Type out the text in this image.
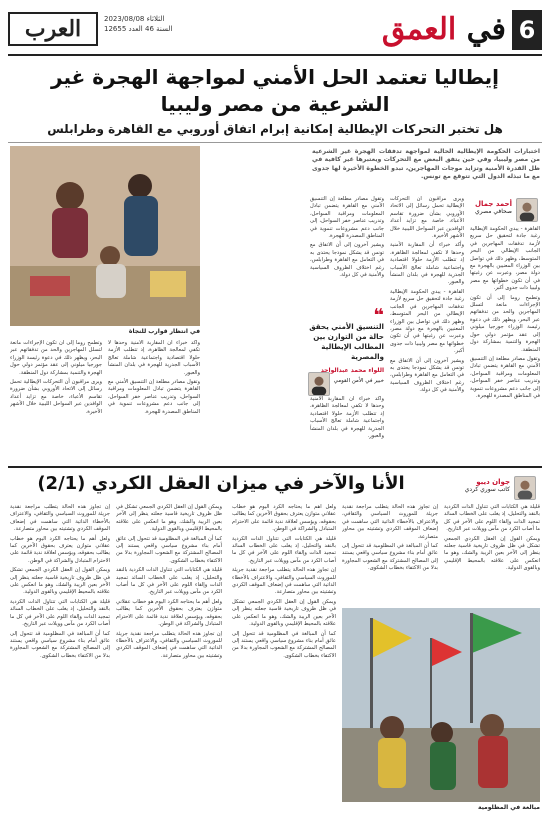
6
في العمق
العرب	الثلاثاء 2023/08/08
السنة 46 العدد 12655
إيطاليا تعتمد الحل الأمني لمواجهة الهجرة غير الشرعية من مصر وليبيا
هل تختبر التحركات الإيطالية إمكانية إبرام اتفاق أوروبي مع القاهرة وطرابلس
اختبارات الحكومة الإيطالية الحالية لمواجهة تدفقات الهجرة غير الشرعية من مصر وليبيا، وفي حين يتفق البعض مع التحركات ويعتبرها غير كافية في ظل القدرة الأمنية وتزايد موجات المهاجرين، تبدو الخطوة الأخيرة لها جدوى مع ما تبذله الدول التي تتوقع مع تونس.
أحمد جمال
صحافي مصري
في انتظار قوارب للنجاة

القاهرة - يبدي الحكومة الإيطالية رغبة جادة لتحقيق حل سريع لأزمة تدفقات المهاجرين في الجانب الإيطالي من البحر المتوسط، وظهر ذلك في تواصل بين الوزراء المعنيين بالهجرة مع دولة مصر، وعبرت عن رغبتها في أن تكون خطواتها مع مصر وليبيا ذات جدوى أكبر.

وتطمح روما إلى أن تكون الإجراءات مانعة لتسلل المهاجرين والحد من تدفقاتهم عبر البحر، ويظهر ذلك في دعوة رئيسة الوزراء جورجيا ميلوني إلى عقد مؤتمر دولي حول الهجرة والتنمية بمشاركة دول المنطقة.

وتقول مصادر مطلعة إن التنسيق الأمني مع القاهرة يتضمن تبادل المعلومات ومراقبة السواحل، وتدريب عناصر خفر السواحل، إلى جانب دعم مشروعات تنموية في المناطق المصدرة للهجرة.

ويرى مراقبون أن التحركات الإيطالية تحمل رسائل إلى الاتحاد الأوروبي بشأن ضرورة تقاسم الأعباء، خاصة مع تزايد أعداد الوافدين عبر السواحل الليبية خلال الأشهر الأخيرة.

وأكد خبراء أن المقاربة الأمنية وحدها لا تكفي لمعالجة الظاهرة، إذ تتطلب الأزمة حلولا اقتصادية واجتماعية شاملة تعالج الأسباب الجذرية للهجرة في بلدان المنشأ والعبور.

القاهرة - يبدي الحكومة الإيطالية رغبة جادة لتحقيق حل سريع لأزمة تدفقات المهاجرين في الجانب الإيطالي من البحر المتوسط، وظهر ذلك في تواصل بين الوزراء المعنيين بالهجرة مع دولة مصر، وعبرت عن رغبتها في أن تكون خطواتها مع مصر وليبيا ذات جدوى أكبر.

ويشير آخرون إلى أن الاتفاق مع تونس قد يشكل نموذجا يحتذى به في التعامل مع القاهرة وطرابلس، رغم اختلاف الظروف السياسية والأمنية في كل دولة.

وتقول مصادر مطلعة إن التنسيق الأمني مع القاهرة يتضمن تبادل المعلومات ومراقبة السواحل، وتدريب عناصر خفر السواحل، إلى جانب دعم مشروعات تنموية في المناطق المصدرة للهجرة.

ويشير آخرون إلى أن الاتفاق مع تونس قد يشكل نموذجا يحتذى به في التعامل مع القاهرة وطرابلس، رغم اختلاف الظروف السياسية والأمنية في كل دولة.

❝
التنسيق الأمني يحقق حالة من التوازن بين المطالب الإيطالية والمصرية
اللواء محمد عبدالواحد
خبير في الأمن القومي

وتطمح روما إلى أن تكون الإجراءات مانعة لتسلل المهاجرين والحد من تدفقاتهم عبر البحر، ويظهر ذلك في دعوة رئيسة الوزراء جورجيا ميلوني إلى عقد مؤتمر دولي حول الهجرة والتنمية بمشاركة دول المنطقة.

ويرى مراقبون أن التحركات الإيطالية تحمل رسائل إلى الاتحاد الأوروبي بشأن ضرورة تقاسم الأعباء، خاصة مع تزايد أعداد الوافدين عبر السواحل الليبية خلال الأشهر الأخيرة.

وأكد خبراء أن المقاربة الأمنية وحدها لا تكفي لمعالجة الظاهرة، إذ تتطلب الأزمة حلولا اقتصادية واجتماعية شاملة تعالج الأسباب الجذرية للهجرة في بلدان المنشأ والعبور.

وتقول مصادر مطلعة إن التنسيق الأمني مع القاهرة يتضمن تبادل المعلومات ومراقبة السواحل، وتدريب عناصر خفر السواحل، إلى جانب دعم مشروعات تنموية في المناطق المصدرة للهجرة.

وأكد خبراء أن المقاربة الأمنية وحدها لا تكفي لمعالجة الظاهرة، إذ تتطلب الأزمة حلولا اقتصادية واجتماعية شاملة تعالج الأسباب الجذرية للهجرة في بلدان المنشأ والعبور.

الأنا والآخر في ميزان العقل الكردي (2/1)	جوان ديبو
كاتب سوري كردي

قليلة هي الكتابات التي تتناول الذات الكردية بالنقد والتحليل، إذ يغلب على الخطاب السائد تمجيد الذات وإلقاء اللوم على الآخر في كل ما أصاب الكرد من مآس وويلات عبر التاريخ.

ويمكن القول إن العقل الكردي الجمعي تشكل في ظل ظروف تاريخية قاسية جعلته ينظر إلى الآخر بعين الريبة والشك، وهو ما انعكس على علاقته بالمحيط الإقليمي وبالقوى الدولية.

إن تجاوز هذه الحالة يتطلب مراجعة نقدية جريئة للموروث السياسي والثقافي، والاعتراف بالأخطاء الذاتية التي ساهمت في إضعاف الموقف الكردي وتشتيته بين محاور متصارعة.

كما أن المبالغة في المظلومية قد تتحول إلى عائق أمام بناء مشروع سياسي واقعي يستند إلى المصالح المشتركة مع الشعوب المجاورة بدلا من الاكتفاء بخطاب الشكوى.

ولعل أهم ما يحتاجه الكرد اليوم هو خطاب عقلاني متوازن يعترف بحقوق الآخرين كما يطالب بحقوقه، ويؤسس لعلاقة ندية قائمة على الاحترام المتبادل والشراكة في الوطن.

قليلة هي الكتابات التي تتناول الذات الكردية بالنقد والتحليل، إذ يغلب على الخطاب السائد تمجيد الذات وإلقاء اللوم على الآخر في كل ما أصاب الكرد من مآس وويلات عبر التاريخ.

إن تجاوز هذه الحالة يتطلب مراجعة نقدية جريئة للموروث السياسي والثقافي، والاعتراف بالأخطاء الذاتية التي ساهمت في إضعاف الموقف الكردي وتشتيته بين محاور متصارعة.

ويمكن القول إن العقل الكردي الجمعي تشكل في ظل ظروف تاريخية قاسية جعلته ينظر إلى الآخر بعين الريبة والشك، وهو ما انعكس على علاقته بالمحيط الإقليمي وبالقوى الدولية.

كما أن المبالغة في المظلومية قد تتحول إلى عائق أمام بناء مشروع سياسي واقعي يستند إلى المصالح المشتركة مع الشعوب المجاورة بدلا من الاكتفاء بخطاب الشكوى.

ويمكن القول إن العقل الكردي الجمعي تشكل في ظل ظروف تاريخية قاسية جعلته ينظر إلى الآخر بعين الريبة والشك، وهو ما انعكس على علاقته بالمحيط الإقليمي وبالقوى الدولية.

كما أن المبالغة في المظلومية قد تتحول إلى عائق أمام بناء مشروع سياسي واقعي يستند إلى المصالح المشتركة مع الشعوب المجاورة بدلا من الاكتفاء بخطاب الشكوى.

قليلة هي الكتابات التي تتناول الذات الكردية بالنقد والتحليل، إذ يغلب على الخطاب السائد تمجيد الذات وإلقاء اللوم على الآخر في كل ما أصاب الكرد من مآس وويلات عبر التاريخ.

ولعل أهم ما يحتاجه الكرد اليوم هو خطاب عقلاني متوازن يعترف بحقوق الآخرين كما يطالب بحقوقه، ويؤسس لعلاقة ندية قائمة على الاحترام المتبادل والشراكة في الوطن.

إن تجاوز هذه الحالة يتطلب مراجعة نقدية جريئة للموروث السياسي والثقافي، والاعتراف بالأخطاء الذاتية التي ساهمت في إضعاف الموقف الكردي وتشتيته بين محاور متصارعة.

إن تجاوز هذه الحالة يتطلب مراجعة نقدية جريئة للموروث السياسي والثقافي، والاعتراف بالأخطاء الذاتية التي ساهمت في إضعاف الموقف الكردي وتشتيته بين محاور متصارعة.

ولعل أهم ما يحتاجه الكرد اليوم هو خطاب عقلاني متوازن يعترف بحقوق الآخرين كما يطالب بحقوقه، ويؤسس لعلاقة ندية قائمة على الاحترام المتبادل والشراكة في الوطن.

ويمكن القول إن العقل الكردي الجمعي تشكل في ظل ظروف تاريخية قاسية جعلته ينظر إلى الآخر بعين الريبة والشك، وهو ما انعكس على علاقته بالمحيط الإقليمي وبالقوى الدولية.

قليلة هي الكتابات التي تتناول الذات الكردية بالنقد والتحليل، إذ يغلب على الخطاب السائد تمجيد الذات وإلقاء اللوم على الآخر في كل ما أصاب الكرد من مآس وويلات عبر التاريخ.

كما أن المبالغة في المظلومية قد تتحول إلى عائق أمام بناء مشروع سياسي واقعي يستند إلى المصالح المشتركة مع الشعوب المجاورة بدلا من الاكتفاء بخطاب الشكوى.

مبالغة في المظلومية
